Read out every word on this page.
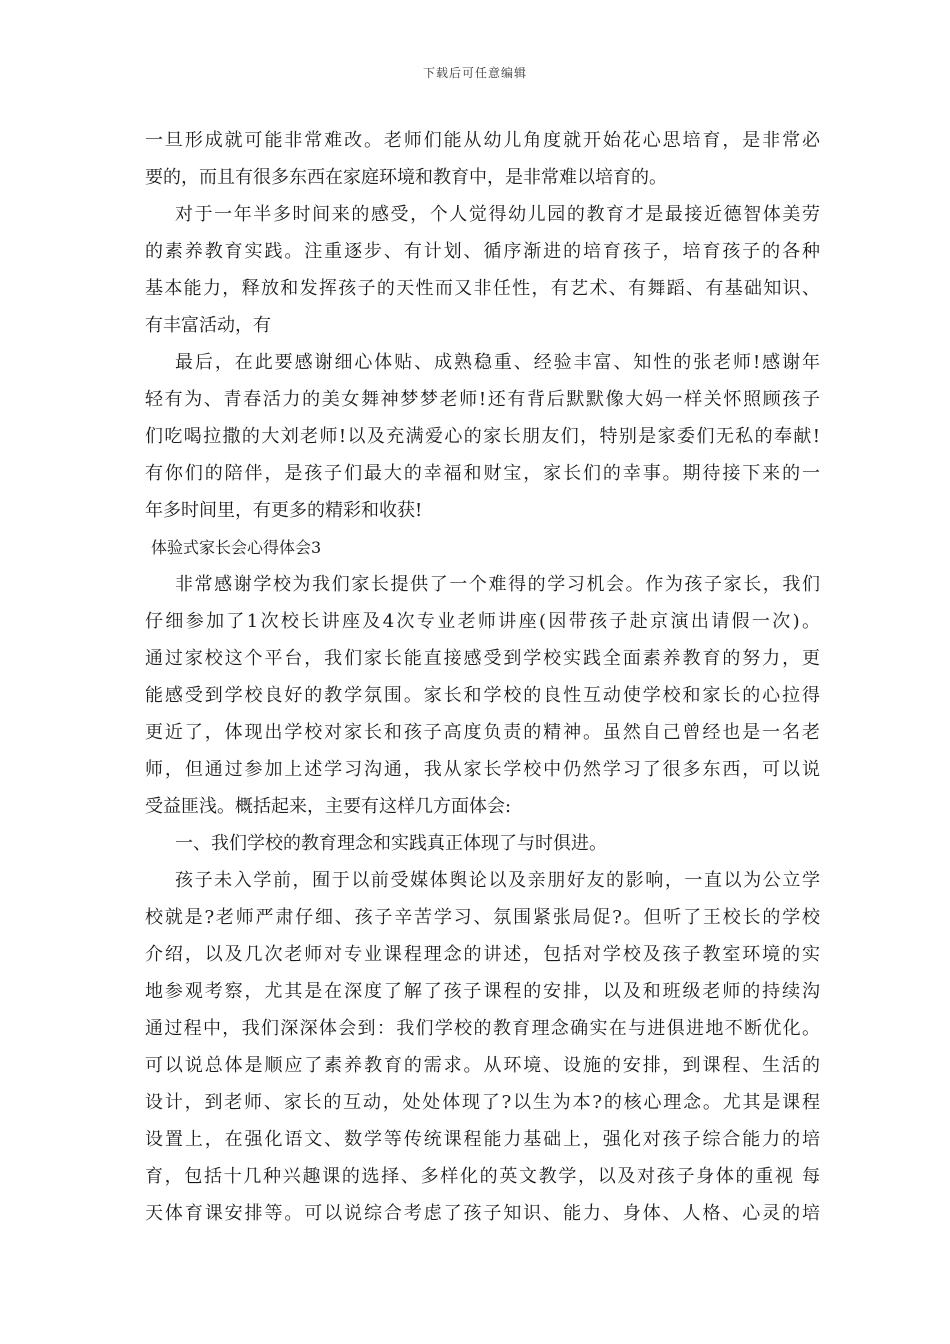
下载后可任意编辑
一旦形成就可能非常难改。老师们能从幼儿角度就开始花心思培育，是非常必
要的，而且有很多东西在家庭环境和教育中，是非常难以培育的。
对于一年半多时间来的感受，个人觉得幼儿园的教育才是最接近德智体美劳
的素养教育实践。注重逐步、有计划、循序渐进的培育孩子，培育孩子的各种
基本能力，释放和发挥孩子的天性而又非任性，有艺术、有舞蹈、有基础知识、
有丰富活动，有
最后，在此要感谢细心体贴、成熟稳重、经验丰富、知性的张老师!感谢年
轻有为、青春活力的美女舞神梦梦老师!还有背后默默像大妈一样关怀照顾孩子
们吃喝拉撒的大刘老师!以及充满爱心的家长朋友们，特别是家委们无私的奉献!
有你们的陪伴，是孩子们最大的幸福和财宝，家长们的幸事。期待接下来的一
年多时间里，有更多的精彩和收获!
体验式家长会心得体会3
非常感谢学校为我们家长提供了一个难得的学习机会。作为孩子家长，我们
仔细参加了1次校长讲座及4次专业老师讲座(因带孩子赴京演出请假一次)。
通过家校这个平台，我们家长能直接感受到学校实践全面素养教育的努力，更
能感受到学校良好的教学氛围。家长和学校的良性互动使学校和家长的心拉得
更近了，体现出学校对家长和孩子高度负责的精神。虽然自己曾经也是一名老
师，但通过参加上述学习沟通，我从家长学校中仍然学习了很多东西，可以说
受益匪浅。概括起来，主要有这样几方面体会:
一、我们学校的教育理念和实践真正体现了与时俱进。
孩子未入学前，囿于以前受媒体舆论以及亲朋好友的影响，一直以为公立学
校就是?老师严肃仔细、孩子辛苦学习、氛围紧张局促?。但听了王校长的学校
介绍，以及几次老师对专业课程理念的讲述，包括对学校及孩子教室环境的实
地参观考察，尤其是在深度了解了孩子课程的安排，以及和班级老师的持续沟
通过程中，我们深深体会到：我们学校的教育理念确实在与进俱进地不断优化。
可以说总体是顺应了素养教育的需求。从环境、设施的安排，到课程、生活的
设计，到老师、家长的互动，处处体现了?以生为本?的核心理念。尤其是课程
设置上，在强化语文、数学等传统课程能力基础上，强化对孩子综合能力的培
育，包括十几种兴趣课的选择、多样化的英文教学，以及对孩子身体的重视 每
天体育课安排等。可以说综合考虑了孩子知识、能力、身体、人格、心灵的培
